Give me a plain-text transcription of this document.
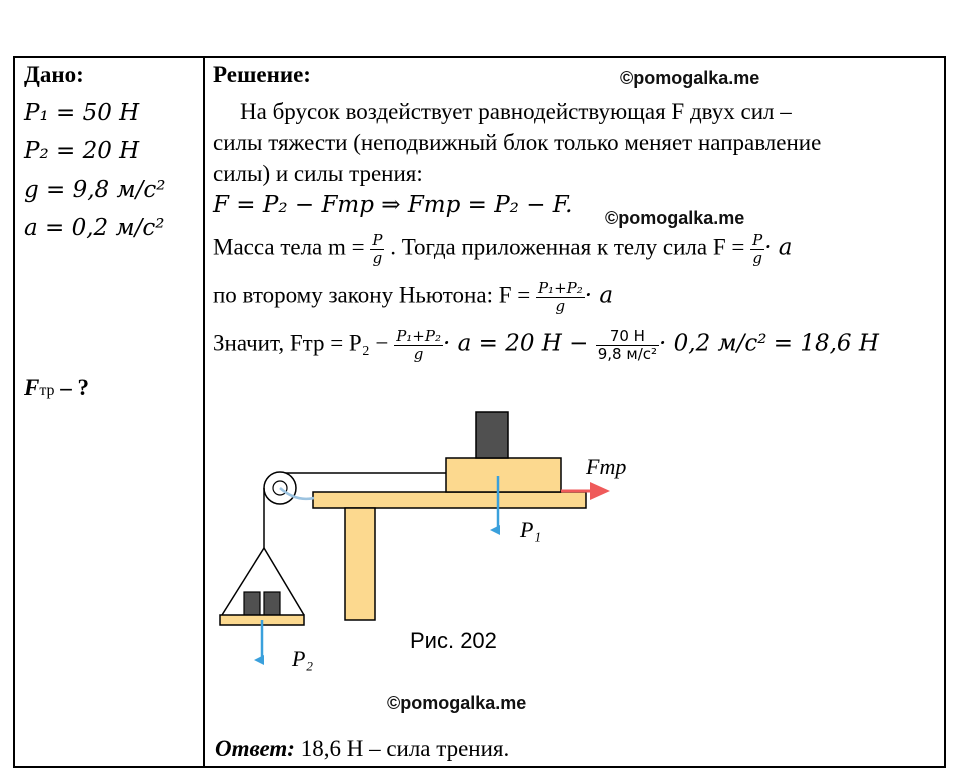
Дано:
P₁ = 50 H
P₂ = 20 H
g = 9,8 м/с²
a = 0,2 м/с²
Fтр – ?
Решение:	©pomogalka.me
На брусок воздействует равнодействующая F двух сил –
силы тяжести (неподвижный блок только меняет направление
силы) и силы трения:
F = P₂ − Fтр ⇒ Fтр = P₂ − F. ©pomogalka.me
Масса тела $m = \frac{P}{g}$ . Тогда приложенная к телу сила $F = \frac{P}{g} \cdot a$
по второму закону Ньютона: $F = \frac{\text{P₁+P₂}}{g} \cdot a$
Значит, Fтр = $P_2 - \frac{\text{P₁+P₂}}{g} \cdot a = 20$ $Н - \frac{70 Н}{\text{9,8 м/с²}} \cdot 0,2$ м/с² = 18,6 Н
Fmp
P₁
P₂
Рис. 202
©pomogalka.me
Ответ: 18,6 Н – сила трения.
